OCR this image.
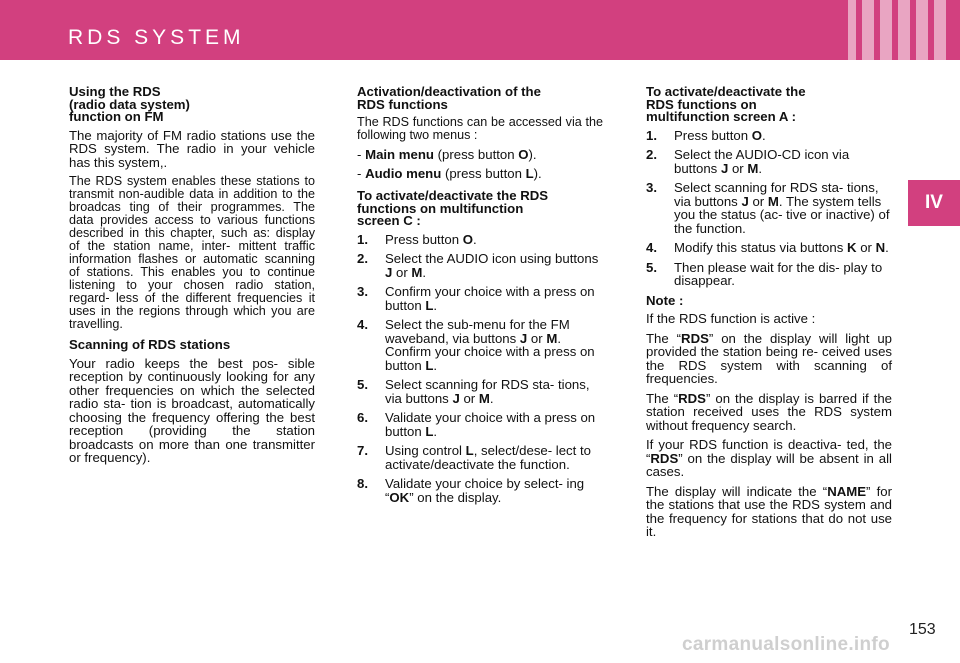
RDS SYSTEM
IV
Using the RDS
(radio data system)
function on FM
The majority of FM radio stations use the RDS system. The radio in your vehicle has this system,.
The RDS system enables these stations to transmit non-audible data in addition to the broadcas ting of their programmes. The data provides access to various functions described in this chapter, such as: display of the station name, inter- mittent traffic information flashes or automatic scanning of stations. This enables you to continue listening to your chosen radio station, regard- less of the different frequencies it uses in the regions through which you are travelling.
Scanning of RDS stations
Your radio keeps the best pos- sible reception by continuously looking for any other frequencies on which the selected radio sta- tion is broadcast, automatically choosing the frequency offering the best reception (providing the station broadcasts on more than one transmitter or frequency).
Activation/deactivation of the
RDS functions
The RDS functions can be accessed via the following two menus :
- Main menu (press button O).
- Audio menu (press button L).
To activate/deactivate the RDS
functions on multifunction
screen C :
1. Press button O.
2. Select the AUDIO icon using buttons J or M.
3. Confirm your choice with a press on button L.
4. Select the sub-menu for the FM waveband, via buttons J or M. Confirm your choice with a press on button L.
5. Select scanning for RDS sta- tions, via buttons J or M.
6. Validate your choice with a press on button L.
7. Using control L, select/dese- lect to activate/deactivate the function.
8. Validate your choice by select- ing “OK” on the display.
To activate/deactivate the
RDS functions on
multifunction screen A :
1. Press button O.
2. Select the AUDIO-CD icon via buttons J or M.
3. Select scanning for RDS sta- tions, via buttons J or M. The system tells you the status (ac- tive or inactive) of the function.
4. Modify this status via buttons K or N.
5. Then please wait for the dis- play to disappear.
Note :
If the RDS function is active :
The “RDS” on the display will light up provided the station being re- ceived uses the RDS system with scanning of frequencies.
The “RDS” on the display is barred if the station received uses the RDS system without frequency search.
If your RDS function is deactiva- ted, the “RDS” on the display will be absent in all cases.
The display will indicate the “NAME” for the stations that use the RDS system and the frequency for stations that do not use it.
153
carmanualsonline.info
